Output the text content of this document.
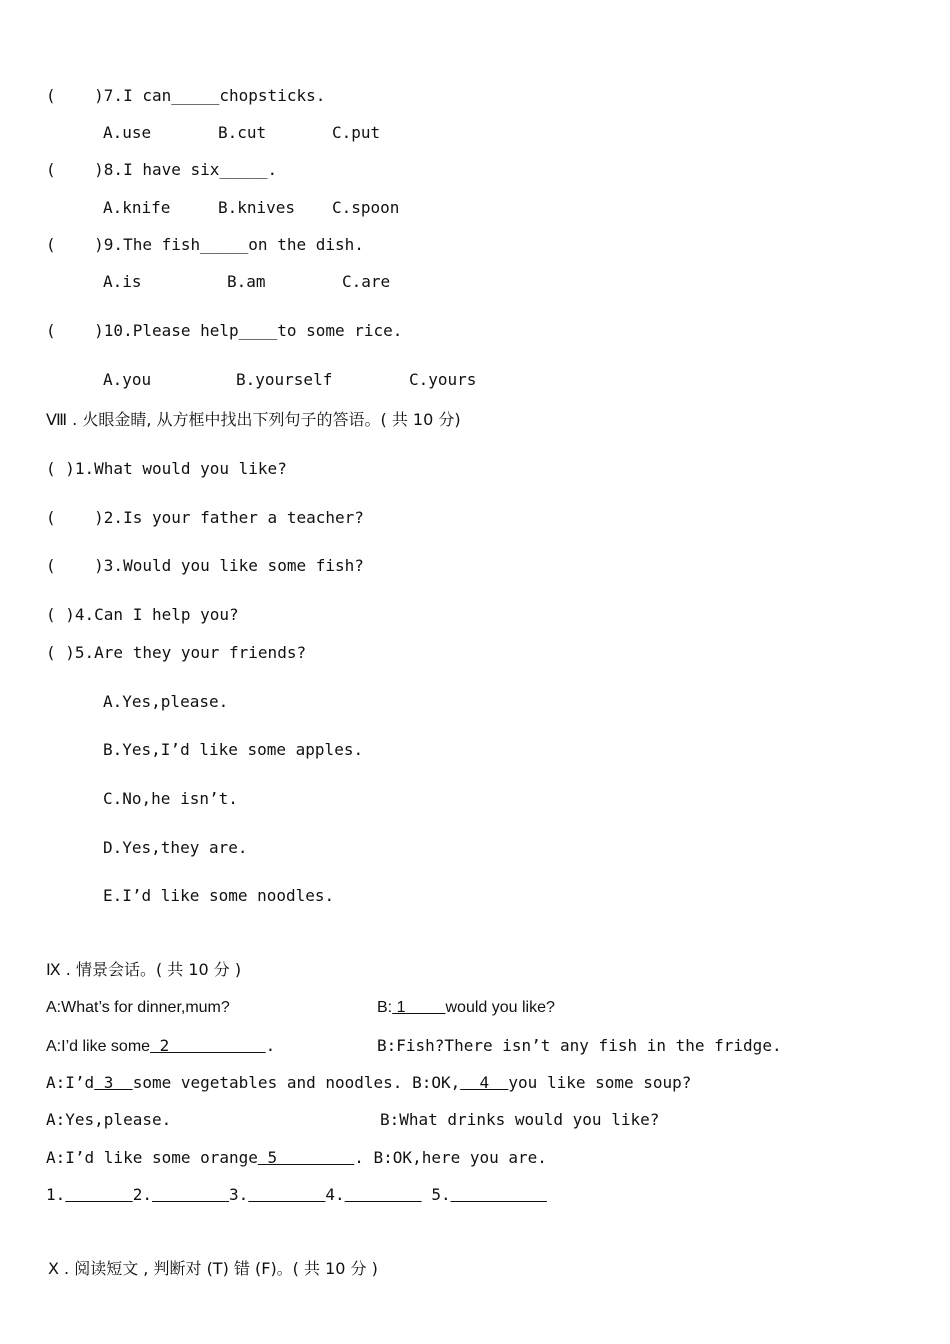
(    )7.I can_____chopsticks.
A.use	B.cut	C.put
(    )8.I have six_____.
A.knife	B.knives C.spoon
(    )9.The fish_____on the dish.
A.is	B.am	C.are
(    )10.Please help____to some rice.
A.you	B.yourself	C.yours
Ⅷ . 火眼金睛, 从方框中找出下列句子的答语。( 共 10 分)
( )1.What would you like?
(    )2.Is your father a teacher?
(    )3.Would you like some fish?
( )4.Can I help you?
( )5.Are they your friends?
A.Yes,please.
B.Yes,I’d like some apples.
C.No,he isn’t.
D.Yes,they are.
E.I’d like some noodles.
Ⅸ . 情景会话。( 共 10 分 )
A:What’s for dinner,mum?	B: 1         would you like?
A:I’d like some 2          .	B:Fish?There isn’t any fish in the fridge.
A:I’d 3  some vegetables and noodles. B:OK,  4  you like some soup?
A:Yes,please.	B:What drinks would you like?
A:I’d like some orange 5        . B:OK,here you are.
1.	2.	3.	4.	5.
X . 阅读短文 , 判断对 (T) 错 (F)。( 共 10 分 )
